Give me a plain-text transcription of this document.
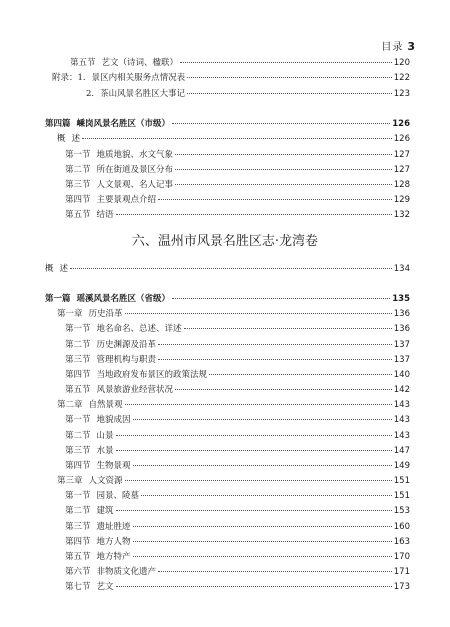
目录 3
六、温州市风景名胜区志·龙湾卷
第五节 艺文（诗词、楹联）	120
附录：1. 景区内相关服务点情况表	122
2. 茶山风景名胜区大事记	123
第四篇 嵊岗风景名胜区（市级）	126
概 述	126
第一节 地质地貌、水文气象	127
第二节 所在街道及景区分布	127
第三节 人文景观、名人记事	128
第四节 主要景观点介绍	129
第五节 结语	132
概 述	134
第一篇 瑶溪风景名胜区（省级）	135
第一章 历史沿革	136
第一节 地名命名、总述、详述	136
第二节 历史渊源及沿革	137
第三节 管理机构与职责	137
第四节 当地政府发布景区的政策法规	140
第五节 风景旅游业经营状况	142
第二章 自然景观	143
第一节 地貌成因	143
第二节 山景	143
第三节 水景	147
第四节 生物景观	149
第三章 人文资源	151
第一节 园景、陵墓	151
第二节 建筑	153
第三节 遗址胜迹	160
第四节 地方人物	163
第五节 地方特产	170
第六节 非物质文化遗产	171
第七节 艺文	173
